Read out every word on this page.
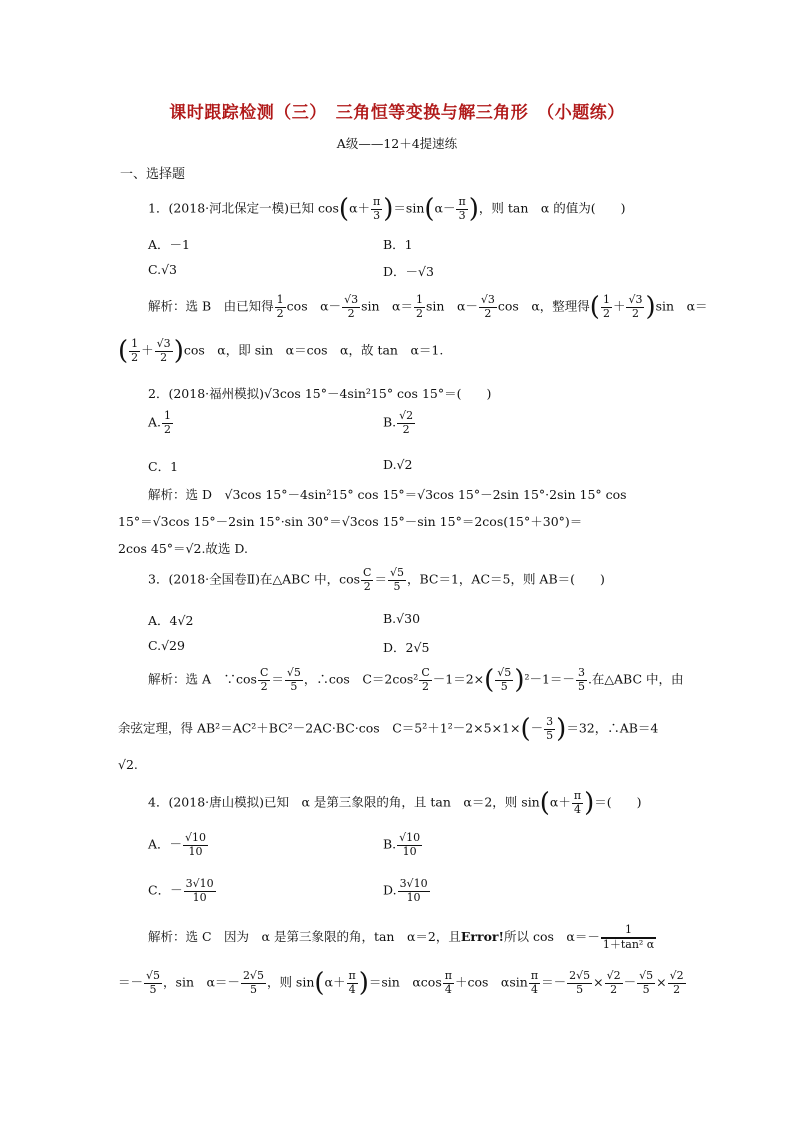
课时跟踪检测（三）　三角恒等变换与解三角形　（小题练）
A级——12＋4提速练
一、选择题
1．(2018·河北保定一模)已知 $\cos(\alpha+ \frac{\pi}{3} )=\sin(\alpha- \frac{\pi}{3}$ )，则 tan　α 的值为(　　)
A．－1	B．1
C.√3	D．－√3
解析：选 B　由已知得 $\frac{1}{2}$ cos　$\alpha- \frac{√3}{2}$ sin　$\alpha= \frac{1}{2}$ sin　$\alpha- \frac{√3}{2}$ cos　α，整理得( $\frac{1}{2} + \frac{√3}{2} )\sin$　α＝
( $\frac{1}{2} + \frac{√3}{2} )\cos$　α，即 sin　α＝cos　α，故 tan　α＝1.
2．(2018·福州模拟)√3cos 15°－4sin²15° cos 15°＝(　　)
A. $\frac{1}{2}$	B. $\frac{√2}{2}$
C．1	D.√2
解析：选 D　√3cos 15°－4sin²15° cos 15°＝√3cos 15°－2sin 15°·2sin 15° cos
15°＝√3cos 15°－2sin 15°·sin 30°＝√3cos 15°－sin 15°＝2cos(15°＋30°)＝
2cos 45°＝√2.故选 D.
3．(2018·全国卷Ⅱ)在△ABC 中，$\cos \frac{C}{2} = \frac{√5}{5}$ ，BC＝1，AC＝5，则 AB＝(　　)
A．4√2	B.√30
C.√29	D．2√5
解析：选 A　∵cos $\frac{C}{2} = \frac{√5}{5}$ ，∴cos　$C=2\cos^2 \frac{C}{2} -1=2\times( \frac{√5}{5} )^2-1=- \frac{3}{5}$ .在△ABC 中，由
余弦定理，得 AB²＝AC²＋BC²－2AC·BC·cos　$C=5^2+1^2-2\times 5\times 1\times(- \frac{3}{5} )=32$，∴AB＝4
√2.
4．(2018·唐山模拟)已知　α 是第三象限的角，且 tan　α＝2，则 $\sin(\alpha+ \frac{\pi}{4}$ )＝(　　)
A．－ $\frac{√10}{10}$	B. $\frac{√10}{10}$
C．－ $\frac{3√10}{10}$	D. $\frac{3√10}{10}$
解析：选 C　因为　α 是第三象限的角，tan　α＝2，且Error!所以 cos　$\alpha=- \frac{1}{\text{1＋tan² α}}$
＝－ $\frac{√5}{5}$ ，sin　$\alpha=- \frac{2√5}{5}$ ，则 $\sin(\alpha+ \frac{\pi}{4} )=\sin$　αcos $\frac{\pi}{4} +\cos$　αsin $\frac{\pi}{4} =- \frac{2√5}{5} \times \frac{√2}{2} - \frac{√5}{5} \times \frac{√2}{2}$
